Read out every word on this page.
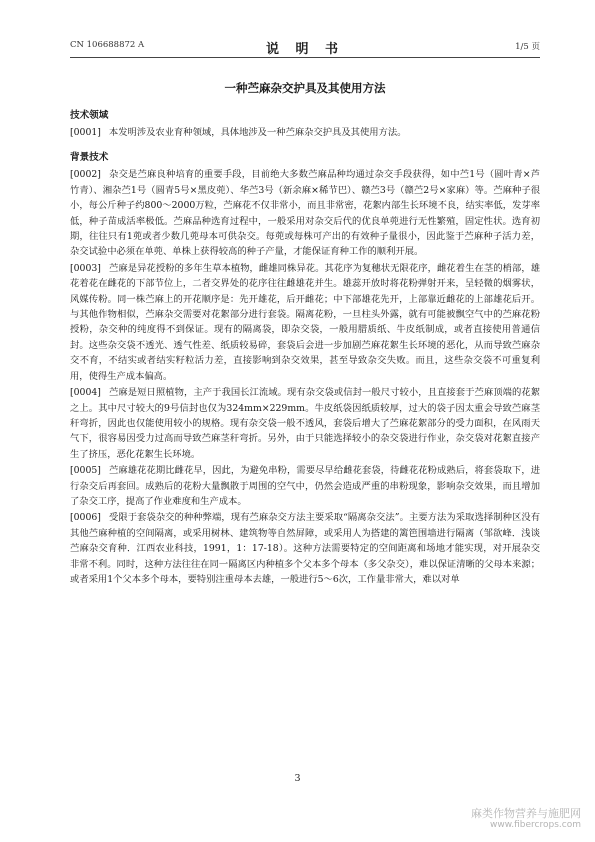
CN 106688872 A	说 明 书	1/5 页
一种苎麻杂交护具及其使用方法
技术领域

[0001] 本发明涉及农业育种领域，具体地涉及一种苎麻杂交护具及其使用方法。

背景技术

[0002] 杂交是苎麻良种培育的重要手段，目前绝大多数苎麻品种均通过杂交手段获得，如中苎1号（圆叶青×芦竹青）、湘杂苎1号（圆青5号×黑皮蔸）、华苎3号（新余麻×稀节巴）、赣苎3号（赣苎2号×家麻）等。苎麻种子很小，每公斤种子约800～2000万粒，苎麻花不仅非常小，而且非常密，花絮内部生长环境不良，结实率低，发芽率低，种子苗成活率极低。苎麻品种选育过程中，一般采用对杂交后代的优良单蔸进行无性繁殖，固定性状。选育初期，往往只有1蔸或者少数几蔸母本可供杂交。每蔸或每株可产出的有效种子量很小，因此鉴于苎麻种子活力差，杂交试验中必须在单蔸、单株上获得较高的种子产量，才能保证育种工作的顺利开展。

[0003] 苎麻是异花授粉的多年生草本植物，雌雄同株异花。其花序为复穗状无限花序，雌花着生在茎的梢部，雄花着花在雌花的下部节位上，二者交界处的花序往往雌雄花并生。雄蕊开放时将花粉弹射开来，呈轻微的烟雾状，风媒传粉。同一株苎麻上的开花顺序是：先开雄花，后开雌花；中下部雄花先开，上部靠近雌花的上部雄花后开。与其他作物相似，苎麻杂交需要对花絮部分进行套袋。隔离花粉，一旦柱头外露，就有可能被飘空气中的苎麻花粉授粉，杂交种的纯度得不到保证。现有的隔离袋，即杂交袋，一般用腊质纸、牛皮纸制成，或者直接使用普通信封。这些杂交袋不透光、透气性差、纸质较易碎，套袋后会进一步加剧苎麻花絮生长环境的恶化，从而导致苎麻杂交不育，不结实或者结实籽粒活力差，直接影响到杂交效果，甚至导致杂交失败。而且，这些杂交袋不可重复利用，使得生产成本偏高。

[0004] 苎麻是短日照植物，主产于我国长江流域。现有杂交袋或信封一般尺寸较小，且直接套于苎麻顶端的花絮之上。其中尺寸较大的9号信封也仅为324mm×229mm。牛皮纸袋因纸质较厚，过大的袋子因太重会导致苎麻茎秆弯折，因此也仅能使用较小的规格。现有杂交袋一般不透风，套袋后增大了苎麻花絮部分的受力面积，在风雨天气下，很容易因受力过高而导致苎麻茎秆弯折。另外，由于只能选择较小的杂交袋进行作业，杂交袋对花絮直接产生了挤压，恶化花絮生长环境。

[0005] 苎麻雄花花期比雌花早，因此，为避免串粉，需要尽早给雌花套袋，待雌花花粉成熟后，将套袋取下，进行杂交后再套回。成熟后的花粉大量飘散于周围的空气中，仍然会造成严重的串粉现象，影响杂交效果，而且增加了杂交工序，提高了作业难度和生产成本。

[0006] 受限于套袋杂交的种种弊端，现有苎麻杂交方法主要采取“隔离杂交法”。主要方法为采取选择制种区没有其他苎麻种植的空间隔离，或采用树林、建筑物等自然屏障，或采用人为搭建的篱笆围墙进行隔离（邹欲峰．浅谈苎麻杂交育种．江西农业科技，1991，1：17-18）。这种方法需要特定的空间距离和场地才能实现，对开展杂交非常不利。同时，这种方法往往在同一隔离区内种植多个父本多个母本（多父杂交），难以保证清晰的父母本来源；或者采用1个父本多个母本，要特别注重母本去雄，一般进行5～6次，工作量非常大，难以对单

3
麻类作物营养与施肥网
www.fibercrops.com
